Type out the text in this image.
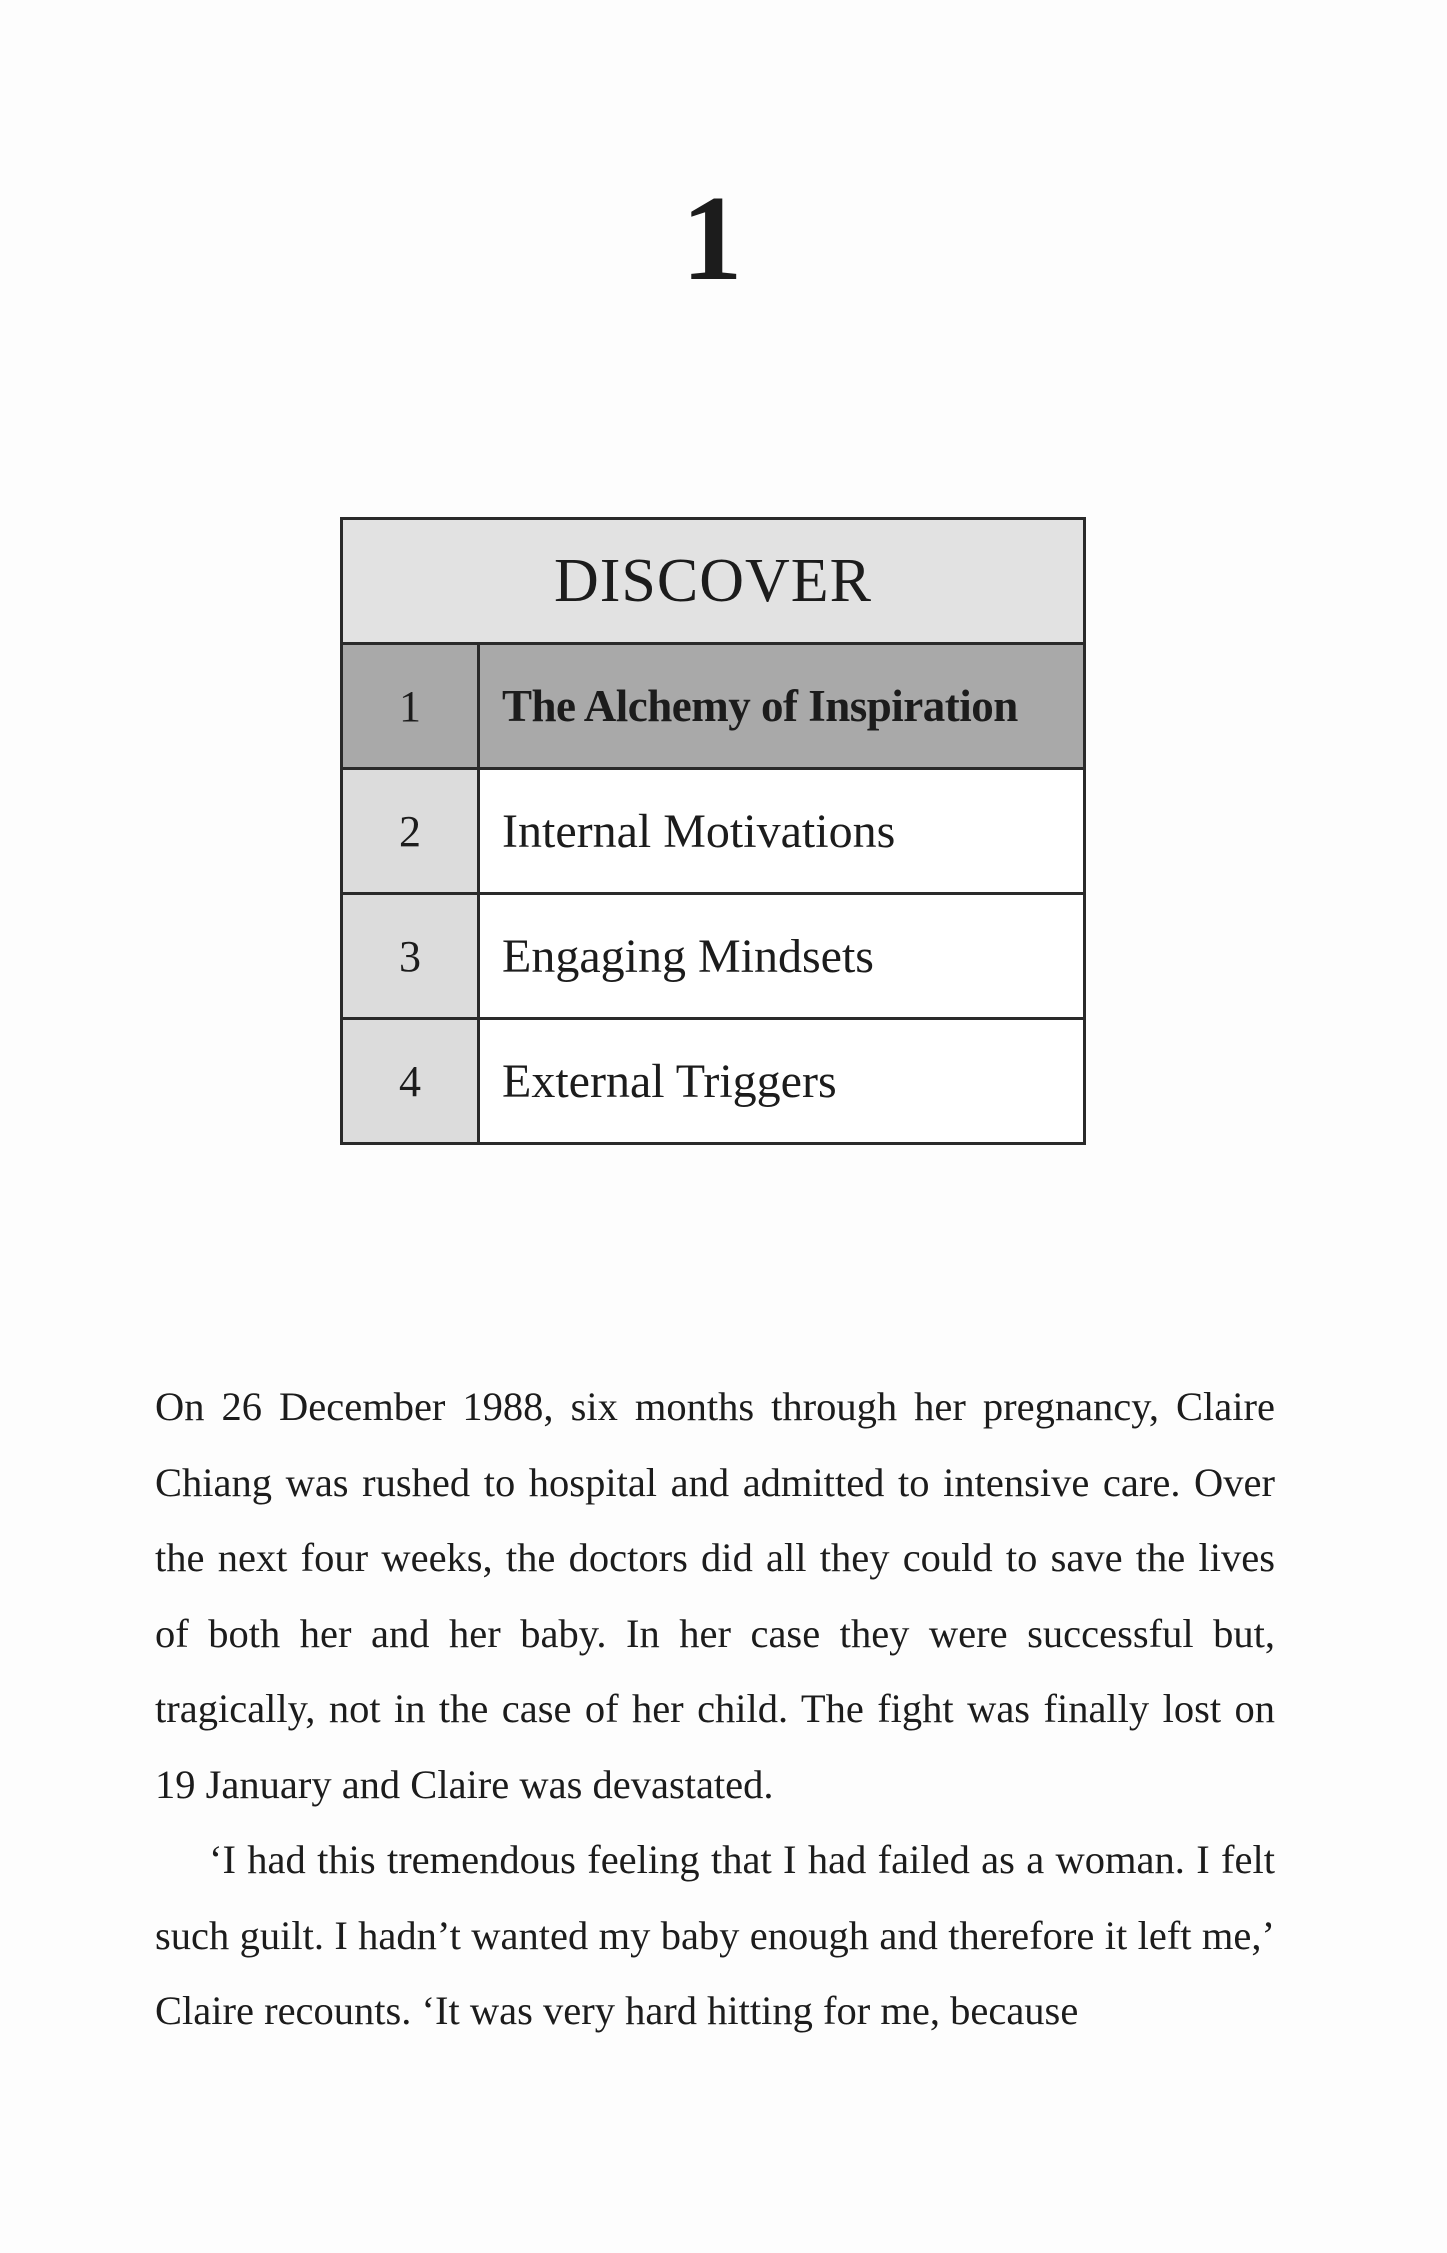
1
DISCOVER
1	The Alchemy of Inspiration
2	Internal Motivations
3	Engaging Mindsets
4	External Triggers

On 26 December 1988, six months through her pregnancy, Claire Chiang was rushed to hospital and admitted to intensive care. Over the next four weeks, the doctors did all they could to save the lives of both her and her baby. In her case they were successful but, tragically, not in the case of her child. The fight was finally lost on 19 January and Claire was devastated.

‘I had this tremendous feeling that I had failed as a woman. I felt such guilt. I hadn’t wanted my baby enough and therefore it left me,’ Claire recounts. ‘It was very hard hitting for me, because
